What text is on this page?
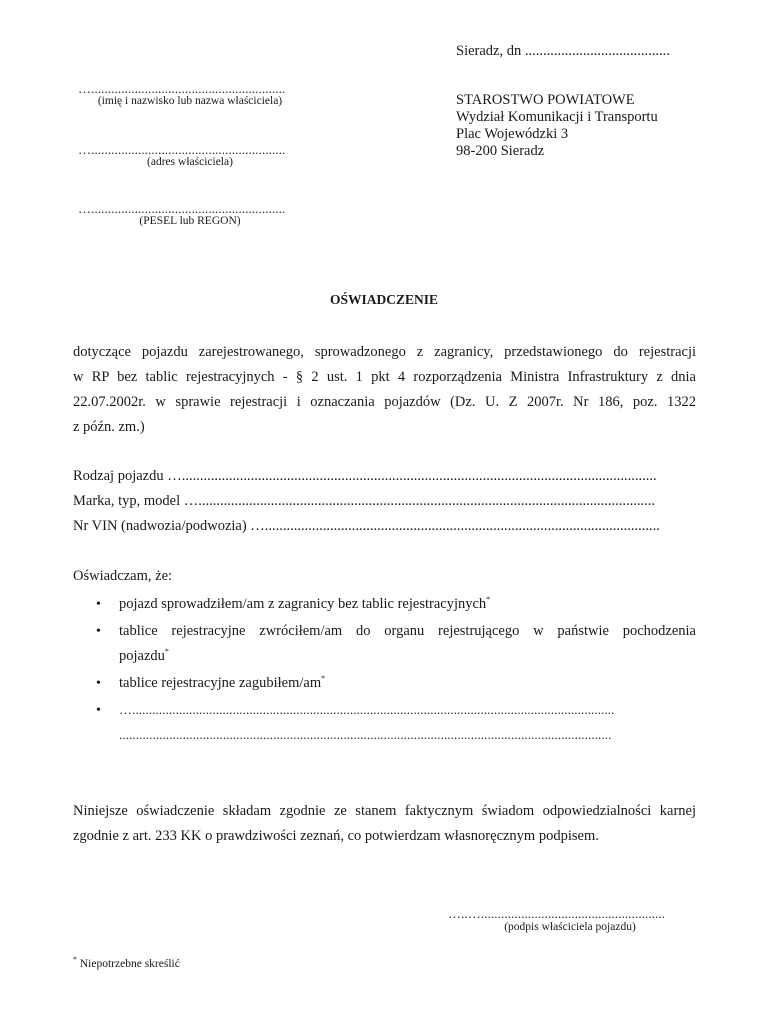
Sieradz, dn ........................................
…..........................................................
(imię i nazwisko lub nazwa właściciela)
…..........................................................
(adres właściciela)
…..........................................................
(PESEL lub REGON)
STAROSTWO POWIATOWE
Wydział Komunikacji i Transportu
Plac Wojewódzki 3
98-200 Sieradz
OŚWIADCZENIE
dotyczące pojazdu zarejestrowanego, sprowadzonego z zagranicy, przedstawionego do rejestracji
w RP bez tablic rejestracyjnych - § 2 ust. 1 pkt 4 rozporządzenia Ministra Infrastruktury z dnia
22.07.2002r. w sprawie rejestracji i oznaczania pojazdów (Dz. U. Z 2007r. Nr 186, poz. 1322
z późn. zm.)
Rodzaj pojazdu …...................................................................................................................................
Marka, typ, model …..............................................................................................................................
Nr VIN (nadwozia/podwozia) ….............................................................................................................
Oświadczam, że:
• pojazd sprowadziłem/am z zagranicy bez tablic rejestracyjnych*
• tablice rejestracyjne zwróciłem/am do organu rejestrującego w państwie pochodzenia
pojazdu*
• tablice rejestracyjne zagubiłem/am*
• …................................................................................................................................................
...................................................................................................................................................
Niniejsze oświadczenie składam zgodnie ze stanem faktycznym świadom odpowiedzialności karnej
zgodnie z art. 233 KK o prawdziwości zeznań, co potwierdzam własnoręcznym podpisem.
…..….......................................................
(podpis właściciela pojazdu)
* Niepotrzebne skreślić
